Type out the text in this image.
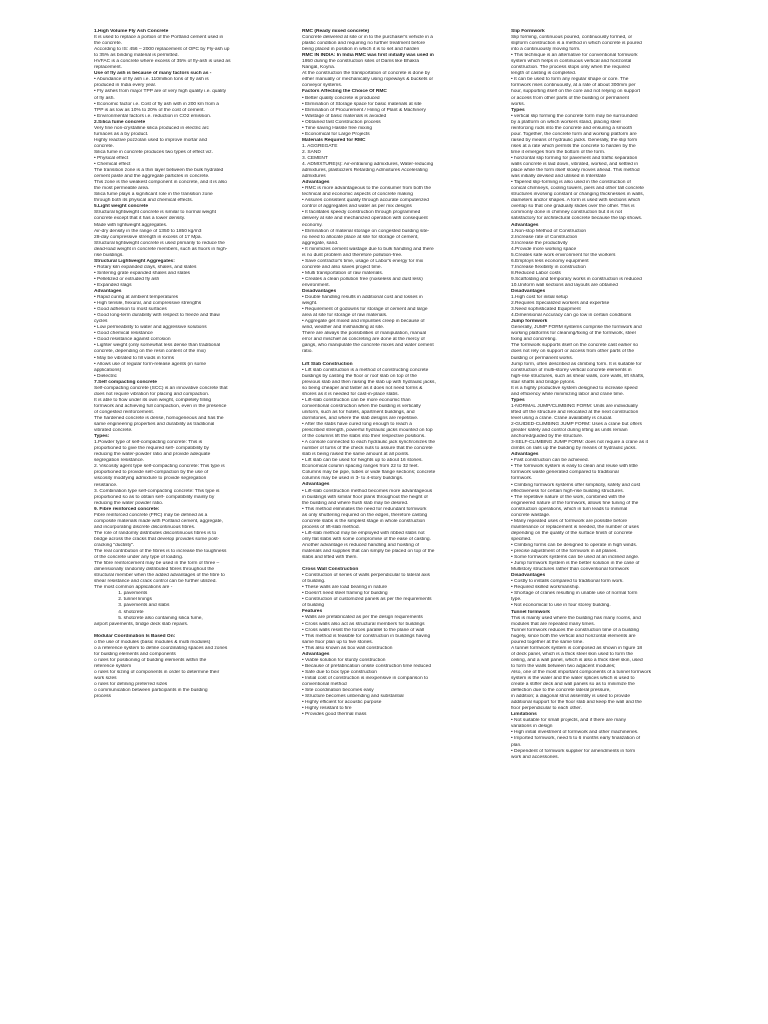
1.High Volume Fly Ash Concrete
It is used to replace a portion of the Portland cement used in
the concrete.
According to IS: 456 – 2000 replacement of OPC by Fly-ash up
to 35% as binding material is permitted.
HVFAC is a concrete where excess of 35% of fly-ash is used as
replacement.
Use of fly ash is because of many factors such as -
• Abundance of fly ash i.e. 110million tons of fly ash is
produced in India every year.
• Fly ashes from major TPP are of very high quality i.e. quality
of fly ash.
• Economic factor i.e. Cost of fly ash with in 200 km from a
TPP is as low as 10% to 20% of the cost of cement.
• Environmental factors i.e. reduction in CO2 emission.
2.Silica fume concrete
Very fine non-crystalline silica produced in electric arc
furnaces as a by product.
Highly reactive pozzolan used to improve mortar and
concrete.
Silica fume in concrete produces two types of effect viz.
• Physical effect
• Chemical effect
The transition zone is a thin layer between the bulk hydrated
cement paste and the aggregate particles in concrete.
This zone is the weakest component in concrete, and it is also
the most permeable area.
Silica fume plays a significant role in the transition zone
through both its physical and chemical effects.
5.Light weight concrete
Structural lightweight concrete is similar to normal weight
concrete except that it has a lower density.
Made with lightweight aggregates.
Air-dry density in the range of 1350 to 1850 kg/m3
28-day compressive strength in excess of 17 Mpa.
Structural lightweight concrete is used primarily to reduce the
dead-load weight in concrete members, such as floors in high-
rise buildings.
Structural Lightweight Aggregates:
• Rotary kiln expanded clays, shales, and slates
• Sintering grate expanded shales and slates
• Pelletized or extruded fly ash
• Expanded slags
Advantages
• Rapid curing at ambient temperatures
• High tensile, flexural, and compressive strengths
• Good adhesion to most surfaces
• Good long-term durability with respect to freeze and thaw
cycles
• Low permeability to water and aggressive solutions
• Good chemical resistance
• Good resistance against corrosion
• Lighter weight (only somewhat less dense than traditional
concrete, depending on the resin content of the mix)
• May be vibrated to fill voids in forms
• Allows use of regular form-release agents (in some
applications)
• Dielectric
7.Self compacting concrete
Self-compacting concrete (SCC) is an innovative concrete that
does not require vibration for placing and compaction.
It is able to flow under its own weight, completely filling
formwork and achieving full compaction, even in the presence
of congested reinforcement.
The hardened concrete is dense, homogeneous and has the
same engineering properties and durability as traditional
vibrated concrete.
Types:
1.Powder type of self-compacting concrete: This is
proportioned to give the required self- compatibility by
reducing the water-powder ratio and provide adequate
segregation resistance.
2. Viscosity agent type self-compacting concrete: This type is
proportioned to provide self-compaction by the use of
viscosity modifying admixture to provide segregation
resistance.
3. Combination type self-compacting concrete: This type is
proportioned so as to obtain self- compatibility mainly by
reducing the water powder ratio.
9. Fibre reinforced concrete:
Fibre reinforced concrete (FRC) may be defined as a
composite materials made with Portland cement, aggregate,
and incorporating discrete discontinuous fibres.
The role of randomly distributes discontinuous fibres is to
bridge across the cracks that develop provides some post-
cracking "ductility".
The real contribution of the fibres is to increase the toughness
of the concrete under any type of loading.
The fibre reinforcement may be used in the form of three –
dimensionally randomly distributed fibres throughout the
structural member when the added advantages of the fibre to
shear resistance and crack control can be further utilized.
The most common applications are -
1. pavements
2. tunnel linings
3. pavements and slabs
4. shotcrete
5. shotcrete also containing silica fume,
airport pavements, bridge deck slab repairs.
Modular Coordination Is Based On:
o the use of modules (basic modules & multi modules)
o a reference system to define coordinating spaces and zones
for building elements and components
o rules for positioning of building elements within the
reference system
o rules for sizing of components in order to determine their
work sizes
o rules for defining preferred sizes
o communication between participants in the building
process
RMC (Ready mixed concrete)
Concrete delivered at site or in to the purchaser's vehicle in a
plastic condition and requiring no further treatment before
being placed in position in which it is to set and harden
RMC IN INDIA: In India RMC was first initially was used in
1950 during the construction sites of Dams like Bhakra
Nangal, Koyna.
At the construction the transportation of concrete is done by
either manually or mechanically using ropeways & buckets or
conveyor systems.
Factors Affecting the Choice Of RMC
• Better quality concrete is produced
• Elimination of Storage space for basic materials at site
• Elimination of Procurement / Hiring of Plant & Machinery
• Wastage of basic materials is avoided
• Obtained fast Construction process
• Time saving Hassle free mixing
• Economical for Large Projects
Materials Required for RMC
1. AGGREGATE
2. SAND
3. CEMENT
4. ADMIXTURE(s): Air-entraining admixtures, Water-reducing
admixtures, plasticizers Retarding Admixtures Accelerating
admixtures
Advantages
• RMC is more advantageous to the consumer from both the
technical and economic aspects of concrete making
• Assures consistent quality through accurate computerized
control of aggregates and water as per mix designs
• It facilitates speedy construction through programmed
delivery at site and mechanized operation with consequent
economy.
• Elimination of material storage on congested building site-
no need to allocate place at site for storage of cement,
aggregate, sand.
• It minimizes cement wastage due to bulk handling and there
is no dust problem and therefore pollution-free.
• Save contractor's time, usage of Labor's energy for mix
concrete and also saves project time.
• Multi transportation of raw materials.
• Creates a clean pollution free (noiseless and dust less)
environment.
Disadvantages
• Double handling results in additional cost and losses in
weight.
• Requirement of godowns for storage of cement and large
area at site for storage of raw materials.
• Aggregate get mixed and impurities creep in because of
wind, weather and mishandling at site.
There are always the possibilities of manipulation, manual
error and mischief as concreting are done at the mercy of
gangs, who manipulate the concrete mixes and water cement
ratio.
Lift Slab Construction
• Lift slab construction is a method of constructing concrete
buildings by casting the floor or roof slab on top of the
previous slab and then raising the slab up with hydraulic jacks,
so being cheaper and faster as it does not need forms &
shores as it is needed for cast-in-place slabs.
• Lift-slab construction can be more economic than
conventional construction when the building is vertically
uniform, such as for hotels, apartment buildings, and
dormitories, and where the slab designs are repetitive.
• After the slabs have cured long enough to reach a
prescribed strength, powerful hydraulic jacks mounted on top
of the columns lift the slabs into their respective positions.
• A console connected to each hydraulic jack synchronizes the
number of turns of the check nuts to assure that the concrete
slab is being raised the same amount at all points.
• Lift slab can be used for heights up to about 16 stories.
Economical column spacing ranges from 22 to 32 feet.
Columns may be pipe, tubes or wide flange sections; concrete
columns may be used in 3- to 4-story buildings.
Advantages
• Lift-slab construction method becomes more advantageous
in buildings with similar floor plans throughout the height of
the building and where flush slab may be desired.
• This method eliminates the need for redundant formwork
as only shuttering required on the edges, therefore casting
concrete slabs is the simplest stage in whole construction
process of lift-slab method.
• Lift-slab method may be employed with ribbed slabs not
only flat slabs with some compromise of the ease of casting.
Another advantage is reduced handling and hoisting of
materials and supplies that can simply be placed on top of the
slabs and lifted with them.
Cross Wall Construction
• Construction of series of walls perpendicular to lateral axis
of building.
• These walls are load bearing in nature
• Doesn't need steel framing for building
• Construction of customized panels as per the requirements
of building
Features
• Walls are prefabricated as per the design requirements
• Cross walls also act as structural members for buildings
• Cross walls resist the forces parallel to the plane of wall
• This method is feasible for construction in buildings having
same floor plan up to five stories.
• This also known as box wall construction
Advantages
• Viable solution for sturdy construction
• Because of prefabrication onsite construction time reduced
• Safe due to box type construction
• Initial cost of construction is inexpensive in comparison to
conventional method
• Site coordination becomes easy
• Structure becomes unbending and substantial
• Highly efficient for acoustic purpose
• Highly resistant to fire
• Provides good thermal mass
Slip Formwork
Slip forming, continuous poured, continuously formed, or
slipform construction is a method in which concrete is poured
into a continuously moving form.
• This technique is an alternative for conventional formwork
system which helps in continuous vertical and horizontal
construction. The process stops only when the required
length of casting is completed.
• It can be used to form any regular shape or core. The
formwork rises continuously, at a rate of about 300mm per
hour, supporting itself on the core and not relying on support
or access from other parts of the building or permanent
works.
Types
• vertical slip forming the concrete form may be surrounded
by a platform on which workers stand, placing steel
reinforcing rods into the concrete and ensuring a smooth
pour. Together, the concrete form and working platform are
raised by means of hydraulic jacks. Generally, the slip form
rises at a rate which permits the concrete to harden by the
time it emerges from the bottom of the form.
• horizontal slip forming for pavement and traffic separation
walls concrete is laid down, vibrated, worked, and settled in
place while the form itself slowly moves ahead. This method
was initially devised and utilised in Interstate
• Tapered slip-forming is also used in the construction of
conical chimneys, cooling towers, piers and other tall concrete
structures involving constant or changing thicknesses in walls,
diameters and/or shapes. A form is used with sections which
overlap so that one gradually slides over the other. This is
commonly done in chimney construction but it is not
satisfactory for architectural concrete because the lap shows.
Advantages
1.Non-stop Method of Construction
2.Increase rate of Construction
3.Increase the productivity
4.Provide more working space
5.Creates safe work environment for the workers
6.Employs less economy equipment
7.Increase flexibility in construction
8.Reduced Labor costs
9.Scaffolding and temporary works in construction is reduced
10.Uniform wall sections and layouts are obtained
Disadvantages
1.High cost for initial setup
2.Requires Specialized workers and expertise
3.Need sophisticated Equipment
4.Dimensional Accuracy can go low in certain conditions
Jump formwork
Generally, JUMP FORM systems comprise the formwork and
working platforms for cleaning/fixing of the formwork, steel
fixing and concreting.
The formwork supports itself on the concrete cast earlier so
does not rely on support or access from other parts of the
building or permanent works.
Jump form, often described as climbing form. It is suitable for
construction of multi-storey vertical concrete elements in
high-rise structures, such as shear walls, core walls, lift shafts,
stair shafts and bridge pylons.
It is a highly productive system designed to increase speed
and efficiency while minimizing labor and crane time.
Types
1-NORMAL JUMP/CLIMBING FORM: Units are individually
lifted off the structure and relocated at the next construction
level using a crane. Crane availability is crucial.
2-GUIDED-CLIMBING JUMP FORM: Uses a crane but offers
greater safety and control during lifting as units remain
anchored/guided by the structure.
3-SELF-CLIMBING JUMP FORM: does not require a crane as it
climbs on rails up the building by means of hydraulic jacks.
Advantages
• Fast construction can be achieved.
• The formwork system is easy to clean and reuse with little
formwork waste generated compared to traditional
formwork.
• Climbing formwork systems offer simplicity, safety and cost
effectiveness for certain high-rise building structures.
• The repetitive nature of the work, combined with the
engineered nature of the formwork, allows fine tuning of the
construction operations, which in turn leads to minimal
concrete wastage.
• Many repeated uses of formwork are possible before
maintenance or replacement is needed, the number of uses
depending on the quality of the surface finish of concrete
specified.
• Climbing forms can be designed to operate in high winds.
• precise adjustment of the formwork in all planes.
• Some formwork systems can be used at an inclined angle.
• Jump formwork System is the better solution in the case of
Multistory structures rather than conventional formwork
Disadvantages
• Costly to installs compared to traditional form work.
• Required skilled workmanship.
• Shortage of cranes resulting in unable use of normal form
type.
• Not economical to use in four storey building.
Tunnel formwork
This is mainly used where the building has many rooms, and
modules that are repeated many times.
Tunnel formwork reduces the construction time of a building
hugely, since both the vertical and horizontal elements are
poured together at the same time.
A tunnel formwork system is composed as shown in figure 18
of deck panel, which is a thick steel skin used to form the
ceiling, and a wall panel, which is also a thick steel skin, used
to form the walls between two adjacent modules;
Also, one of the most important components of a tunnel formwork
system is the waler and the waler splices which is used to
create a stiffer deck and wall panels so as to minimize the
deflection due to the concrete lateral pressure,
in addition; a diagonal strut assembly is used to provide
additional support for the floor slab and keep the wall and the
floor perpendicular to each other.
Limitations
• Not suitable for small projects, and if there are many
variations in design
• High initial investment of formwork and other machineries.
• Imported formwork, need 5 to 6 months early finalization of
plan.
• Dependent of formwork supplier for amendments in form
work and accessories.
